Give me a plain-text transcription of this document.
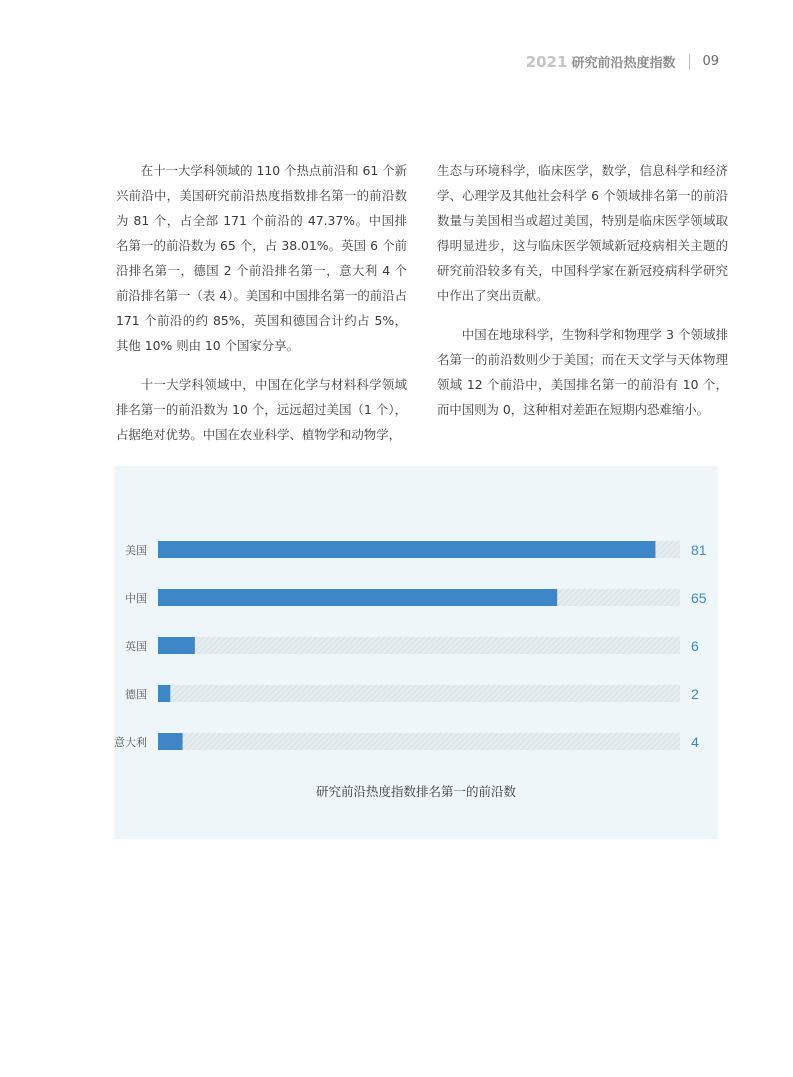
2021 研究前沿热度指数 09

在十一大学科领域的 110 个热点前沿和 61 个新兴前沿中，美国研究前沿热度指数排名第一的前沿数为 81 个，占全部 171 个前沿的 47.37%。中国排名第一的前沿数为 65 个，占 38.01%。英国 6 个前沿排名第一，德国 2 个前沿排名第一，意大利 4 个前沿排名第一（表 4）。美国和中国排名第一的前沿占 171 个前沿的约 85%，英国和德国合计约占 5%，其他 10% 则由 10 个国家分享。

十一大学科领域中，中国在化学与材料科学领域排名第一的前沿数为 10 个，远远超过美国（1 个），占据绝对优势。中国在农业科学、植物学和动物学，

生态与环境科学，临床医学，数学，信息科学和经济学、心理学及其他社会科学 6 个领域排名第一的前沿数量与美国相当或超过美国，特别是临床医学领域取得明显进步，这与临床医学领域新冠疫病相关主题的研究前沿较多有关，中国科学家在新冠疫病科学研究中作出了突出贡献。

中国在地球科学，生物科学和物理学 3 个领域排名第一的前沿数则少于美国；而在天文学与天体物理领域 12 个前沿中，美国排名第一的前沿有 10 个，而中国则为 0，这种相对差距在短期内恐难缩小。

美国	81
中国	65
英国	6
德国	2
意大利	4
研究前沿热度指数排名第一的前沿数
